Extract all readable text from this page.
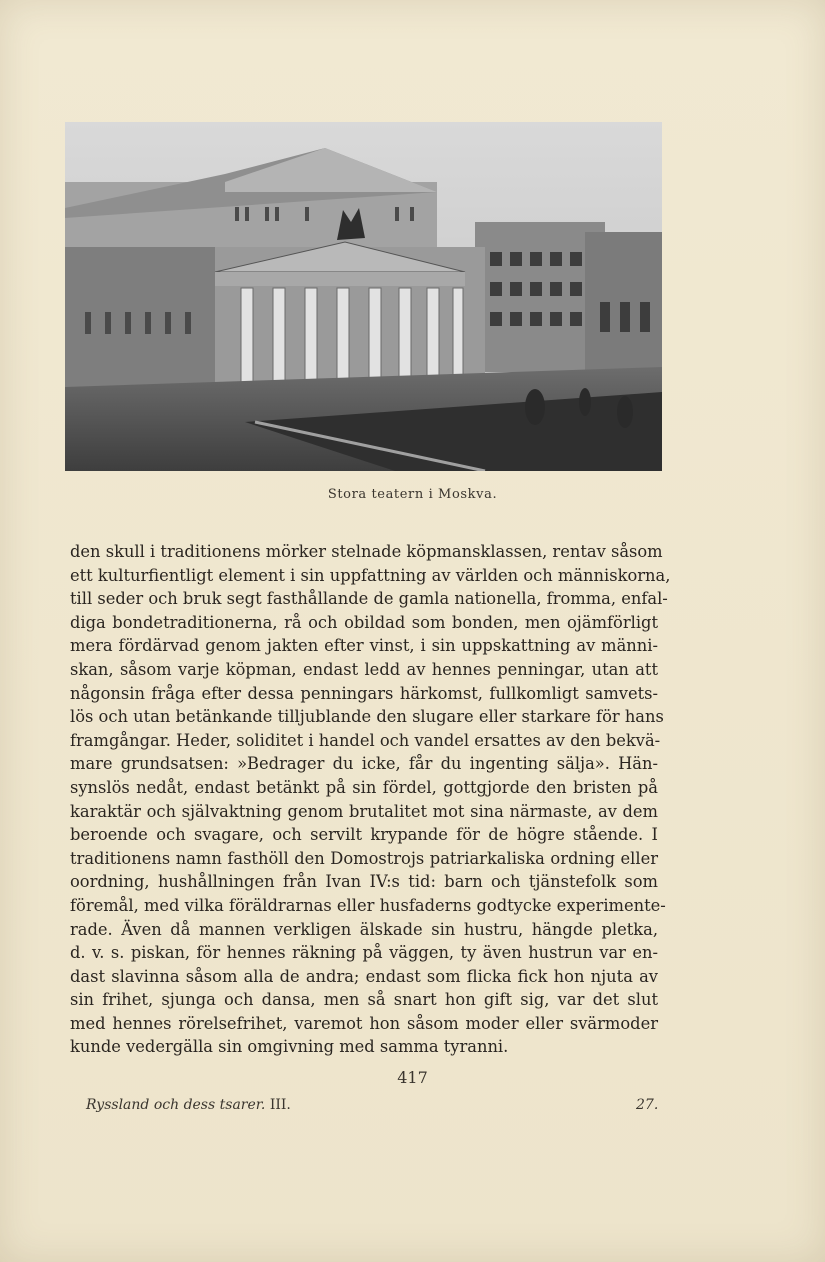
Stora teatern i Moskva.
den skull i traditionens mörker stelnade köpmansklassen, rentav såsom
ett kulturfientligt element i sin uppfattning av världen och människorna,
till seder och bruk segt fasthållande de gamla nationella, fromma, enfal-
diga bondetraditionerna, rå och obildad som bonden, men ojämförligt
mera fördärvad genom jakten efter vinst, i sin uppskattning av männi-
skan, såsom varje köpman, endast ledd av hennes penningar, utan att
någonsin fråga efter dessa penningars härkomst, fullkomligt samvets-
lös och utan betänkande tilljublande den slugare eller starkare för hans
framgångar. Heder, soliditet i handel och vandel ersattes av den bekvä-
mare grundsatsen: »Bedrager du icke, får du ingenting sälja». Hän-
synslös nedåt, endast betänkt på sin fördel, gottgjorde den bristen på
karaktär och självaktning genom brutalitet mot sina närmaste, av dem
beroende och svagare, och servilt krypande för de högre stående. I
traditionens namn fasthöll den Domostrojs patriarkaliska ordning eller
oordning, hushållningen från Ivan IV:s tid: barn och tjänstefolk som
föremål, med vilka föräldrarnas eller husfaderns godtycke experimente-
rade. Även då mannen verkligen älskade sin hustru, hängde pletka,
d. v. s. piskan, för hennes räkning på väggen, ty även hustrun var en-
dast slavinna såsom alla de andra; endast som flicka fick hon njuta av
sin frihet, sjunga och dansa, men så snart hon gift sig, var det slut
med hennes rörelsefrihet, varemot hon såsom moder eller svärmoder
kunde vedergälla sin omgivning med samma tyranni.
417
Ryssland och dess tsarer. III.	27.
